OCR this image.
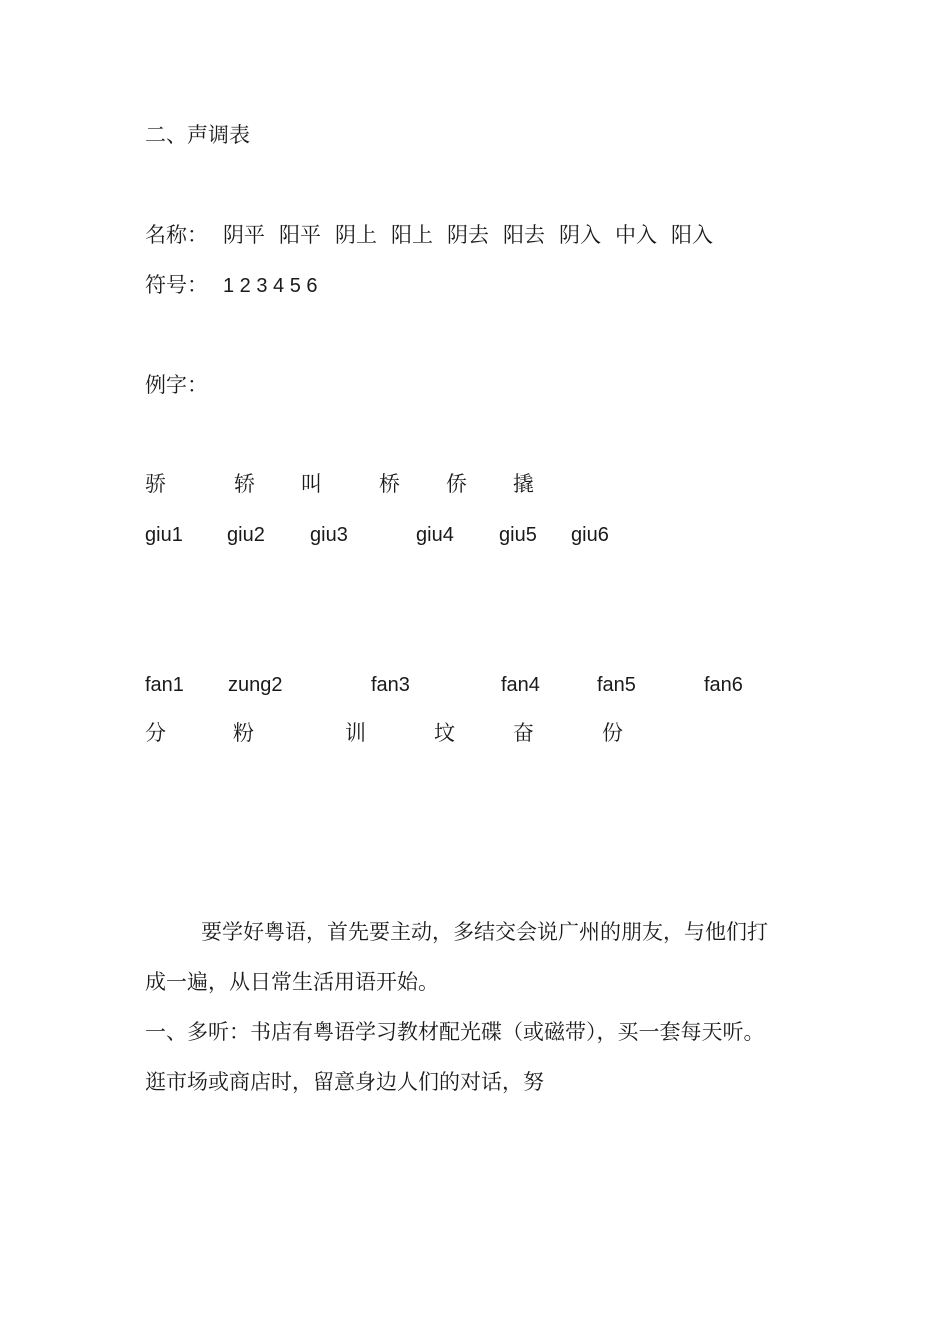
二、声调表
名称： 阴平 阳平 阴上 阳上 阴去 阳去 阴入 中入 阳入
符号： 1 2 3 4 5 6
例字：
骄	轿 叫	桥 侨 撬
giu1 giu2 giu3	giu4 giu5 giu6
fan1 zung2	fan3	fan4	fan5	fan6
分	粉	训	坟	奋	份
要学好粤语，首先要主动，多结交会说广州的朋友，与他们打
成一遍，从日常生活用语开始。
一、多听：书店有粤语学习教材配光碟（或磁带），买一套每天听。
逛市场或商店时，留意身边人们的对话，努
